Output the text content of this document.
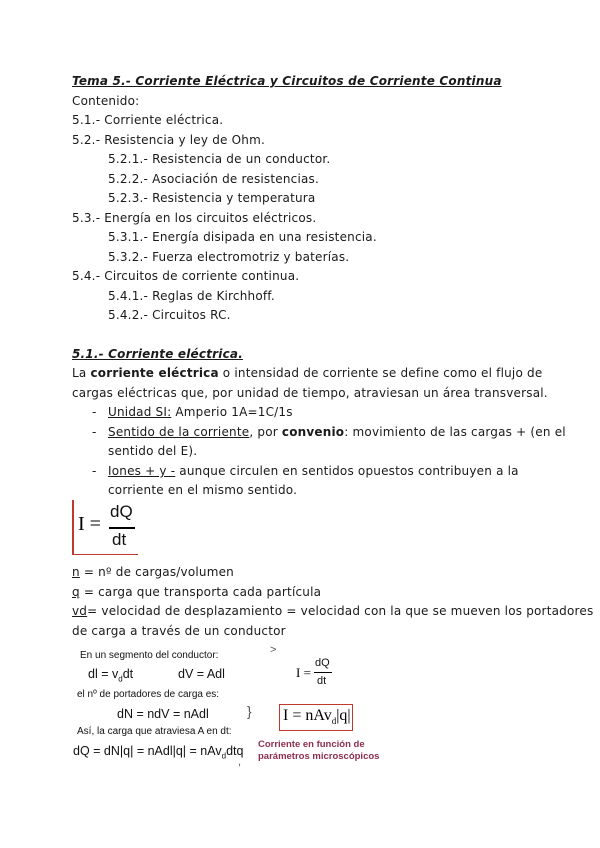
Tema 5.- Corriente Eléctrica y Circuitos de Corriente Continua
Contenido:
5.1.- Corriente eléctrica.
5.2.- Resistencia y ley de Ohm.
5.2.1.- Resistencia de un conductor.
5.2.2.- Asociación de resistencias.
5.2.3.- Resistencia y temperatura
5.3.- Energía en los circuitos eléctricos.
5.3.1.- Energía disipada en una resistencia.
5.3.2.- Fuerza electromotriz y baterías.
5.4.- Circuitos de corriente continua.
5.4.1.- Reglas de Kirchhoff.
5.4.2.- Circuitos RC.
5.1.- Corriente eléctrica.
La corriente eléctrica o intensidad de corriente se define como el flujo de
cargas eléctricas que, por unidad de tiempo, atraviesan un área transversal.
- Unidad SI: Amperio 1A=1C/1s
- Sentido de la corriente, por convenio: movimiento de las cargas + (en el
sentido del E).
- Iones + y - aunque circulen en sentidos opuestos contribuyen a la
corriente en el mismo sentido.
I =
dQ
dt
n = nº de cargas/volumen
q = carga que transporta cada partícula
vd= velocidad de desplazamiento = velocidad con la que se mueven los portadores
de carga a través de un conductor
En un segmento del conductor:
dl = $v_ddt$	dV = Adl
˃
el nº de portadores de carga es:
dN = ndV = nAdl	}
Así, la carga que atraviesa A en dt:
dQ = dN|q| = nAdl|q| = nAv$_d$dtq
,
I =
dQ
dt
I = nAv$_d$|q|
Corriente en función de
parámetros microscópicos
